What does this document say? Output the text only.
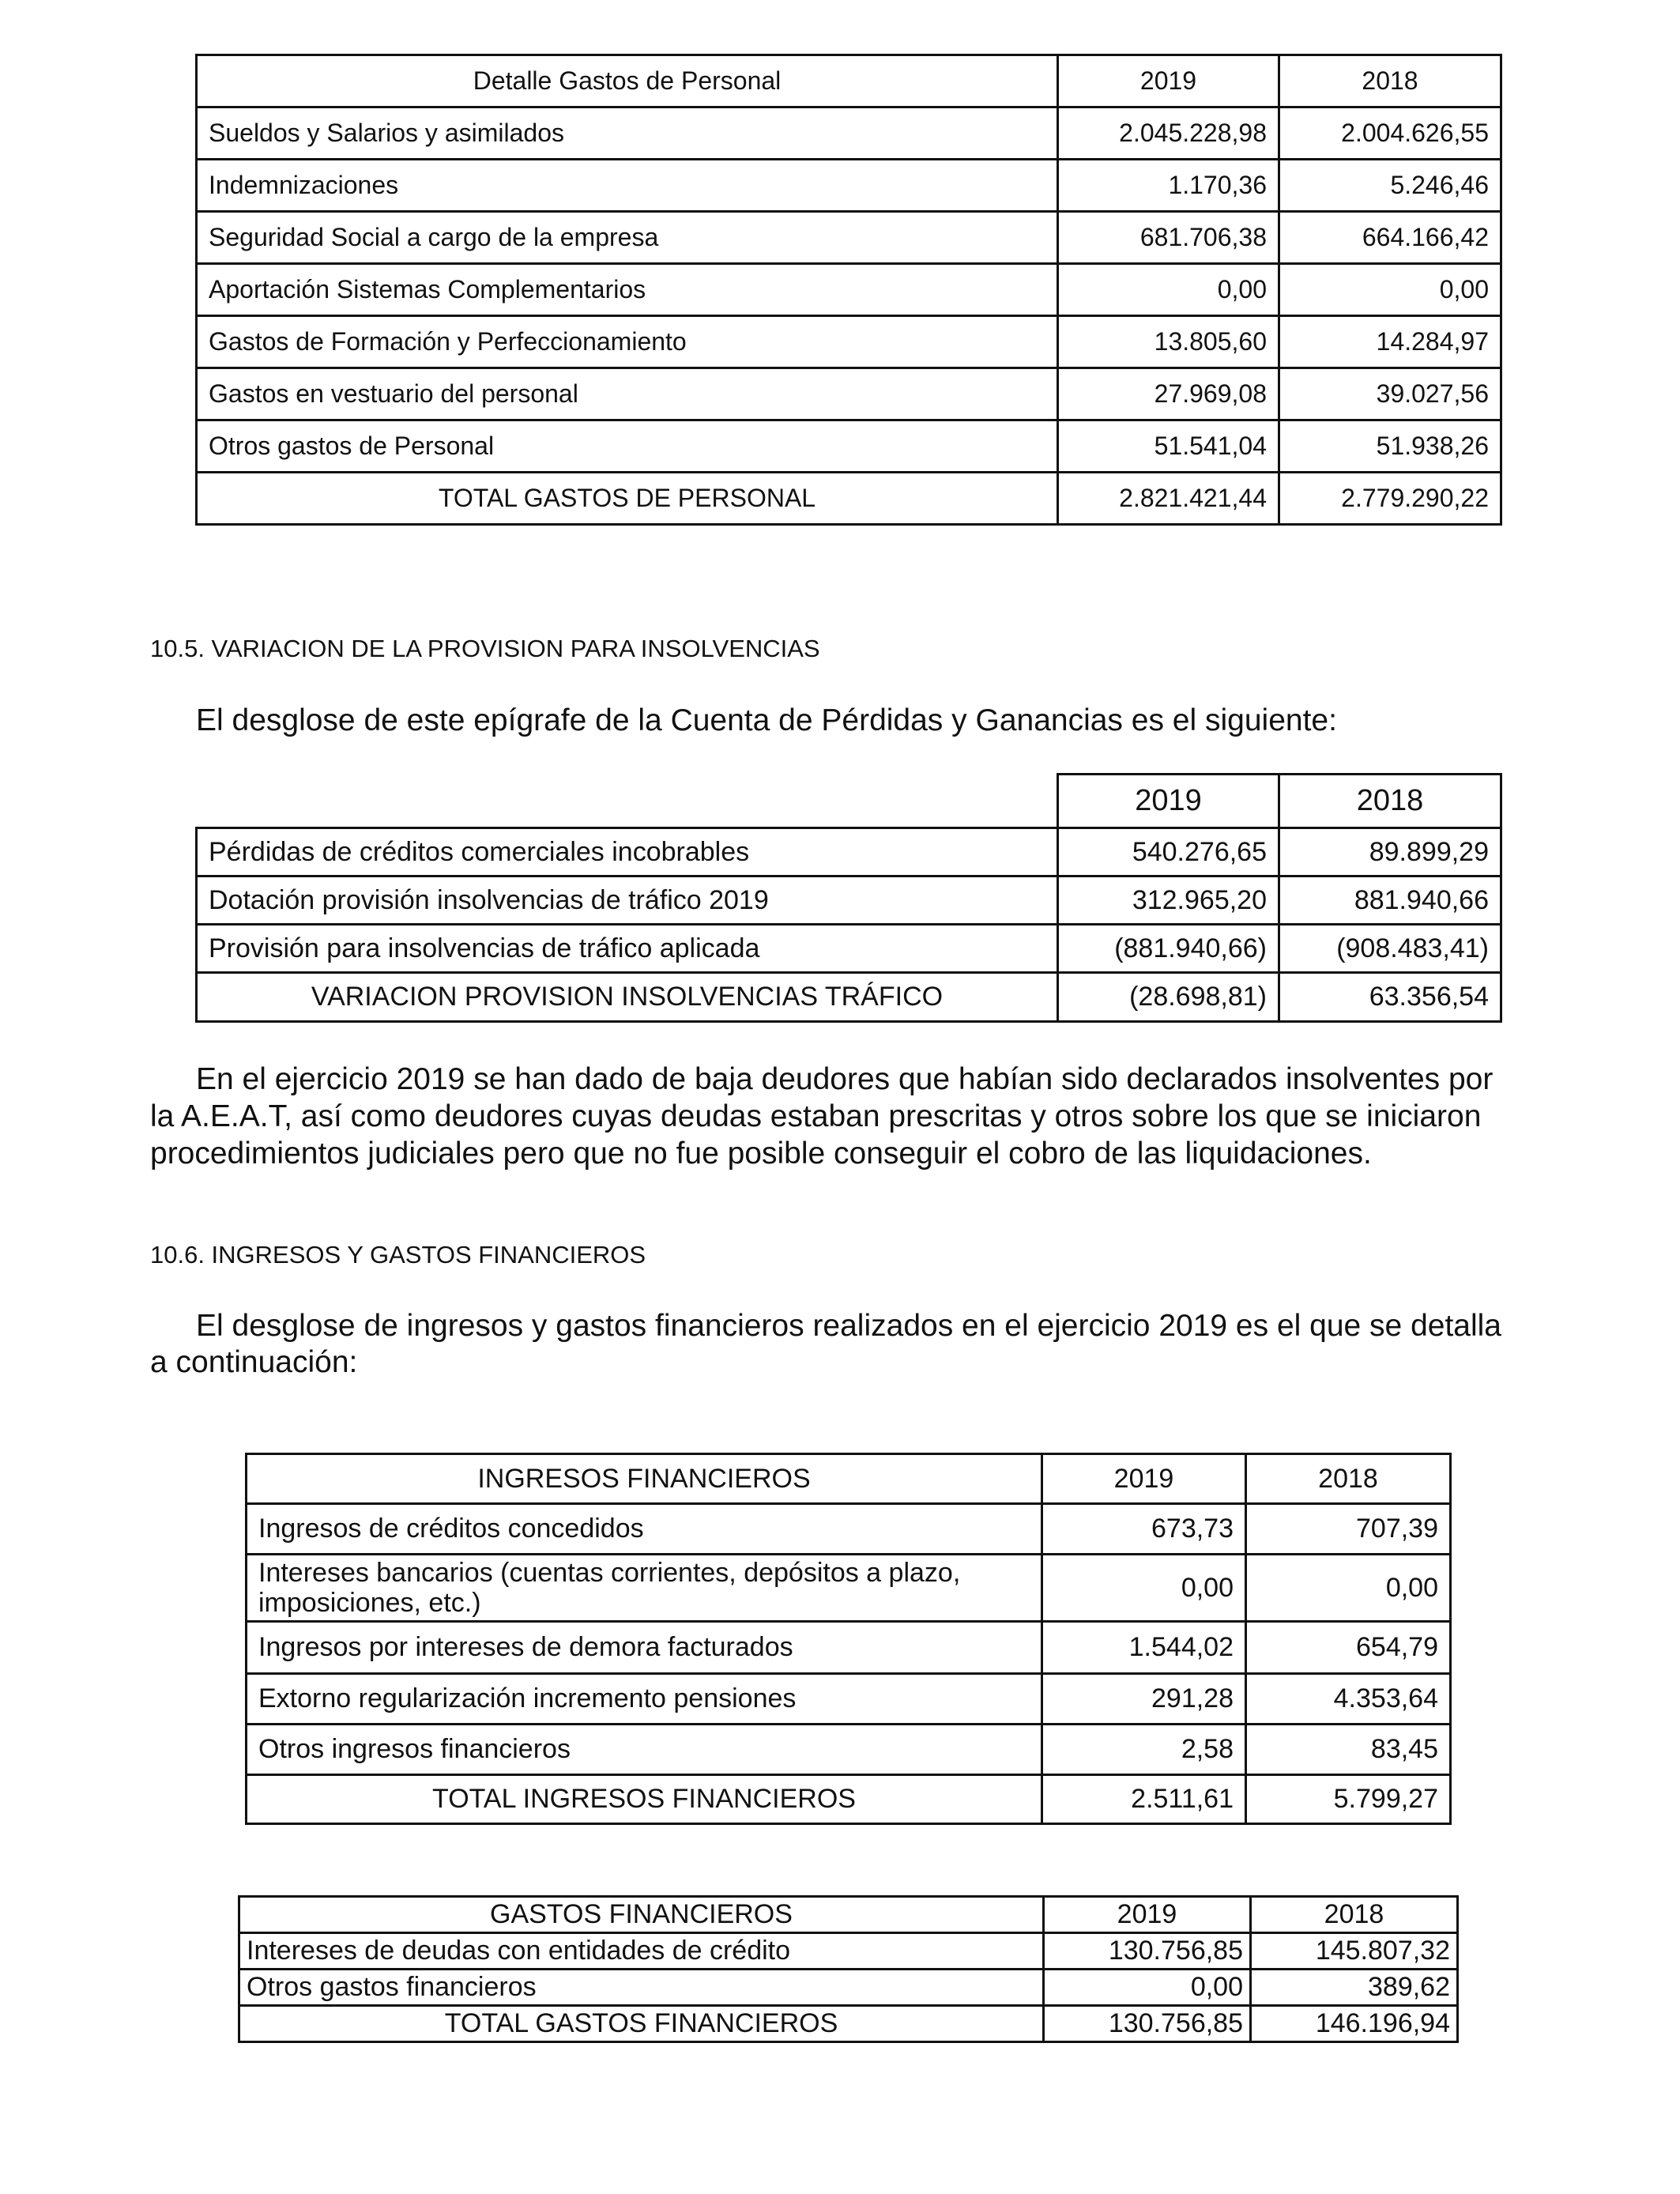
Detalle Gastos de Personal	2019	2018
Sueldos y Salarios y asimilados	2.045.228,98	2.004.626,55
Indemnizaciones	1.170,36	5.246,46
Seguridad Social a cargo de la empresa	681.706,38	664.166,42
Aportación Sistemas Complementarios	0,00	0,00
Gastos de Formación y Perfeccionamiento	13.805,60	14.284,97
Gastos en vestuario del personal	27.969,08	39.027,56
Otros gastos de Personal	51.541,04	51.938,26
TOTAL GASTOS DE PERSONAL	2.821.421,44	2.779.290,22

10.5. VARIACION DE LA PROVISION PARA INSOLVENCIAS

El desglose de este epígrafe de la Cuenta de Pérdidas y Ganancias es el siguiente:

	2019	2018
Pérdidas de créditos comerciales incobrables	540.276,65	89.899,29
Dotación provisión insolvencias de tráfico 2019	312.965,20	881.940,66
Provisión para insolvencias de tráfico aplicada	(881.940,66)	(908.483,41)
VARIACION PROVISION INSOLVENCIAS TRÁFICO	(28.698,81)	63.356,54

En el ejercicio 2019 se han dado de baja deudores que habían sido declarados insolventes por

la A.E.A.T, así como deudores cuyas deudas estaban prescritas y otros sobre los que se iniciaron

procedimientos judiciales pero que no fue posible conseguir el cobro de las liquidaciones.

10.6. INGRESOS Y GASTOS FINANCIEROS

El desglose de ingresos y gastos financieros realizados en el ejercicio 2019 es el que se detalla

a continuación:

INGRESOS FINANCIEROS	2019	2018
Ingresos de créditos concedidos	673,73	707,39
Intereses bancarios (cuentas corrientes, depósitos a plazo, imposiciones, etc.)	0,00	0,00
Ingresos por intereses de demora facturados	1.544,02	654,79
Extorno regularización incremento pensiones	291,28	4.353,64
Otros ingresos financieros	2,58	83,45
TOTAL INGRESOS FINANCIEROS	2.511,61	5.799,27
GASTOS FINANCIEROS	2019	2018
Intereses de deudas con entidades de crédito	130.756,85	145.807,32
Otros gastos financieros	0,00	389,62
TOTAL GASTOS FINANCIEROS	130.756,85	146.196,94
